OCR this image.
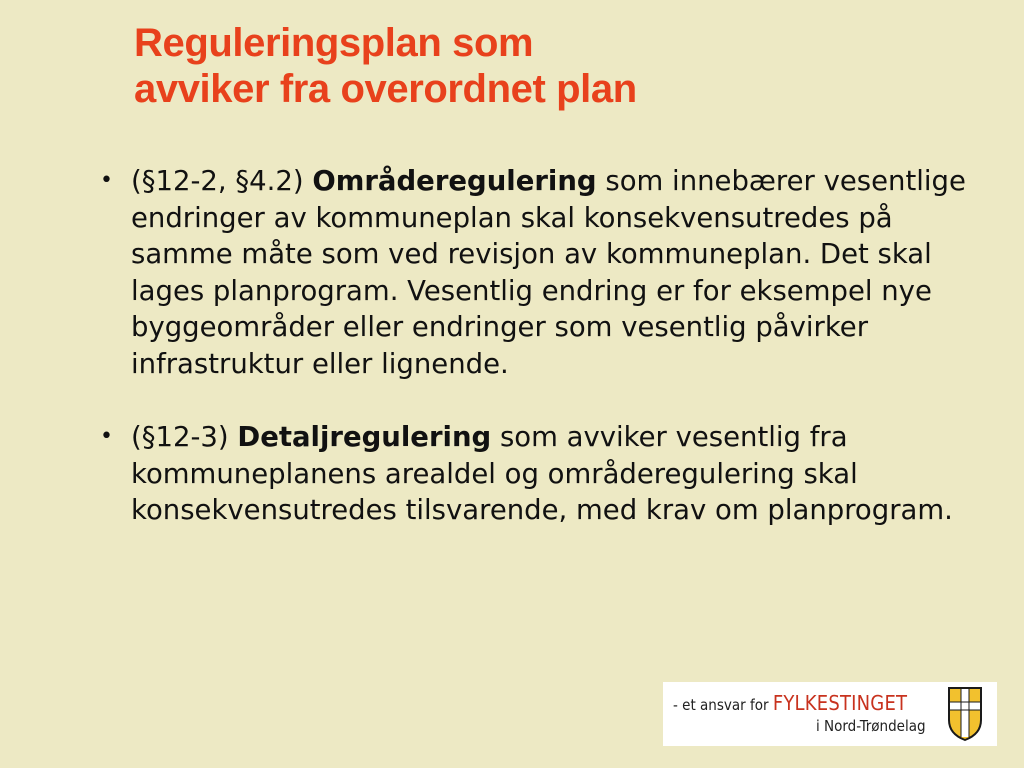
Reguleringsplan som
avviker fra overordnet plan
• (§12-2, §4.2) Områderegulering som innebærer vesentlige endringer av kommuneplan skal konsekvensutredes på samme måte som ved revisjon av kommuneplan. Det skal lages planprogram. Vesentlig endring er for eksempel nye byggeområder eller endringer som vesentlig påvirker infrastruktur eller lignende.
• (§12-3) Detaljregulering som avviker vesentlig fra kommuneplanens arealdel og områderegulering skal konsekvensutredes tilsvarende, med krav om planprogram.
- et ansvar for FYLKESTINGET
i Nord-Trøndelag
